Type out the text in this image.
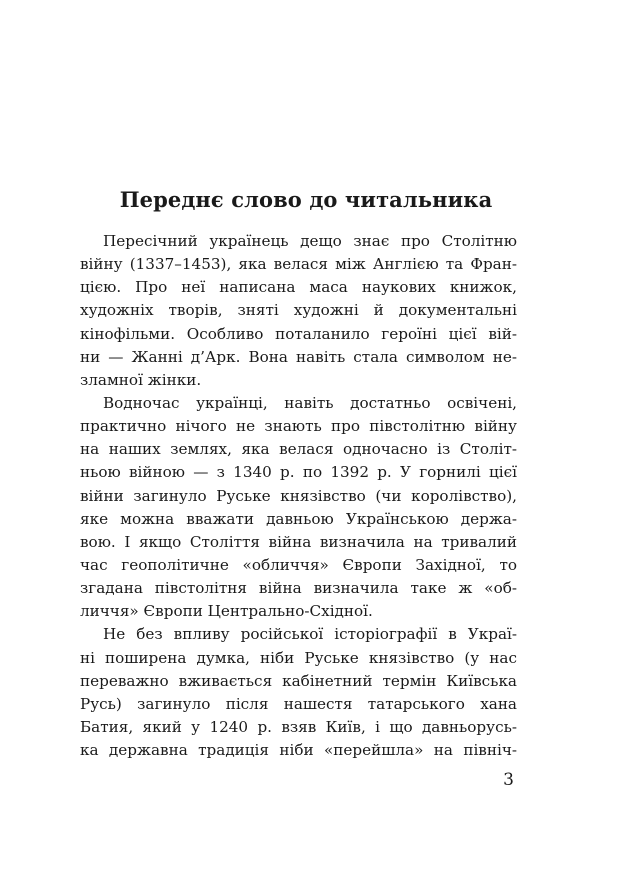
Переднє слово до читальника
Пересічний українець дещо знає про Столітню
війну (1337–1453), яка велася між Англією та Фран-
цією. Про неї написана маса наукових книжок,
художніх творів, зняті художні й документальні
кінофільми. Особливо поталанило героїні цієї вій-
ни — Жанні д’Арк. Вона навіть стала символом не-
зламної жінки.
Водночас українці, навіть достатньо освічені,
практично нічого не знають про півстолітню війну
на наших землях, яка велася одночасно із Століт-
ньою війною — з 1340 р. по 1392 р. У горнилі цієї
війни загинуло Руське князівство (чи королівство),
яке можна вважати давньою Українською держа-
вою. І якщо Століття війна визначила на тривалий
час геополітичне «обличчя» Європи Західної, то
згадана півстолітня війна визначила таке ж «об-
личчя» Європи Центрально-Східної.
Не без впливу російської історіографії в Украї-
ні поширена думка, ніби Руське князівство (у нас
переважно вживається кабінетний термін Київська
Русь) загинуло після нашестя татарського хана
Батия, який у 1240 р. взяв Київ, і що давньорусь-
ка державна традиція ніби «перейшла» на північ-
3
